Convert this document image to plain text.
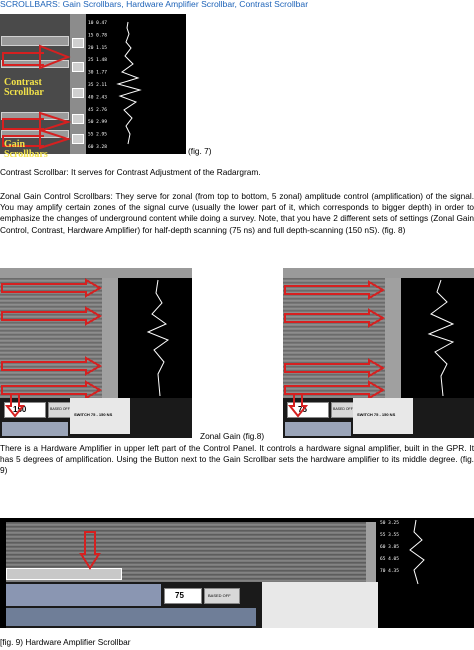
SCROLLBARS: Gain Scrollbars, Hardware Amplifier Scrollbar, Contrast Scrollbar
10 0.47
15 0.78
20 1.15
25 1.48
30 1.77
35 2.11
40 2.43
45 2.76
50 2.99
55 2.95
60 3.28
Contrast
Scrollbar
Gain
Scrollbars	(fig. 7)
Contrast Scrollbar: It serves for Contrast Adjustment of the Radargram.
Zonal Gain Control Scrollbars: They serve for zonal (from top to bottom, 5 zonal) amplitude control (amplification) of the signal. You may amplify certain zones of the signal curve (usually the lower part of it, which corresponds to bigger depth) in order to emphasize the changes of underground content while doing a survey. Note, that you have 2 different sets of settings (Zonal Gain Control, Contrast, Hardware Amplifier) for half-depth scanning (75 ns) and full depth-scanning (150 nS). (fig. 8)
150	BASED OFF
SWITCH 75 - 150 NS
75	BASED OFF
SWITCH 75 - 150 NS
Zonal Gain (fig.8)
There is a Hardware Amplifier in upper left part of the Control Panel. It controls a hardware signal amplifier, built in the GPR. It has 5 degrees of amplification. Using the Button next to the Gain Scrollbar sets the hardware amplifier to its middle degree. (fig. 9)
50 3.25
55 3.55
60 3.85
65 4.05
70 4.35
75	BASED OFF
[fig. 9) Hardware Amplifier Scrollbar
